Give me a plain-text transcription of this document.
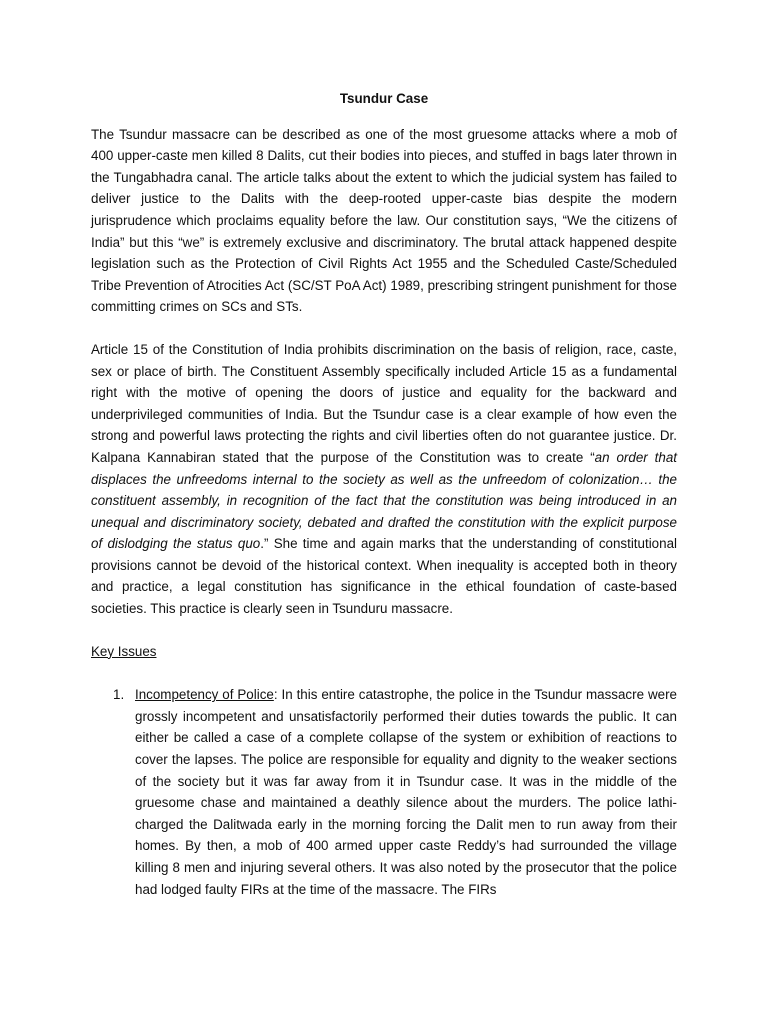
Tsundur Case

The Tsundur massacre can be described as one of the most gruesome attacks where a mob of 400 upper-caste men killed 8 Dalits, cut their bodies into pieces, and stuffed in bags later thrown in the Tungabhadra canal. The article talks about the extent to which the judicial system has failed to deliver justice to the Dalits with the deep-rooted upper-caste bias despite the modern jurisprudence which proclaims equality before the law. Our constitution says, “We the citizens of India” but this “we” is extremely exclusive and discriminatory. The brutal attack happened despite legislation such as the Protection of Civil Rights Act 1955 and the Scheduled Caste/Scheduled Tribe Prevention of Atrocities Act (SC/ST PoA Act) 1989, prescribing stringent punishment for those committing crimes on SCs and STs.

Article 15 of the Constitution of India prohibits discrimination on the basis of religion, race, caste, sex or place of birth. The Constituent Assembly specifically included Article 15 as a fundamental right with the motive of opening the doors of justice and equality for the backward and underprivileged communities of India. But the Tsundur case is a clear example of how even the strong and powerful laws protecting the rights and civil liberties often do not guarantee justice. Dr. Kalpana Kannabiran stated that the purpose of the Constitution was to create “an order that displaces the unfreedoms internal to the society as well as the unfreedom of colonization… the constituent assembly, in recognition of the fact that the constitution was being introduced in an unequal and discriminatory society, debated and drafted the constitution with the explicit purpose of dislodging the status quo.” She time and again marks that the understanding of constitutional provisions cannot be devoid of the historical context. When inequality is accepted both in theory and practice, a legal constitution has significance in the ethical foundation of caste-based societies. This practice is clearly seen in Tsunduru massacre.

Key Issues
1. Incompetency of Police: In this entire catastrophe, the police in the Tsundur massacre were grossly incompetent and unsatisfactorily performed their duties towards the public. It can either be called a case of a complete collapse of the system or exhibition of reactions to cover the lapses. The police are responsible for equality and dignity to the weaker sections of the society but it was far away from it in Tsundur case. It was in the middle of the gruesome chase and maintained a deathly silence about the murders. The police lathi-charged the Dalitwada early in the morning forcing the Dalit men to run away from their homes. By then, a mob of 400 armed upper caste Reddy’s had surrounded the village killing 8 men and injuring several others. It was also noted by the prosecutor that the police had lodged faulty FIRs at the time of the massacre. The FIRs
